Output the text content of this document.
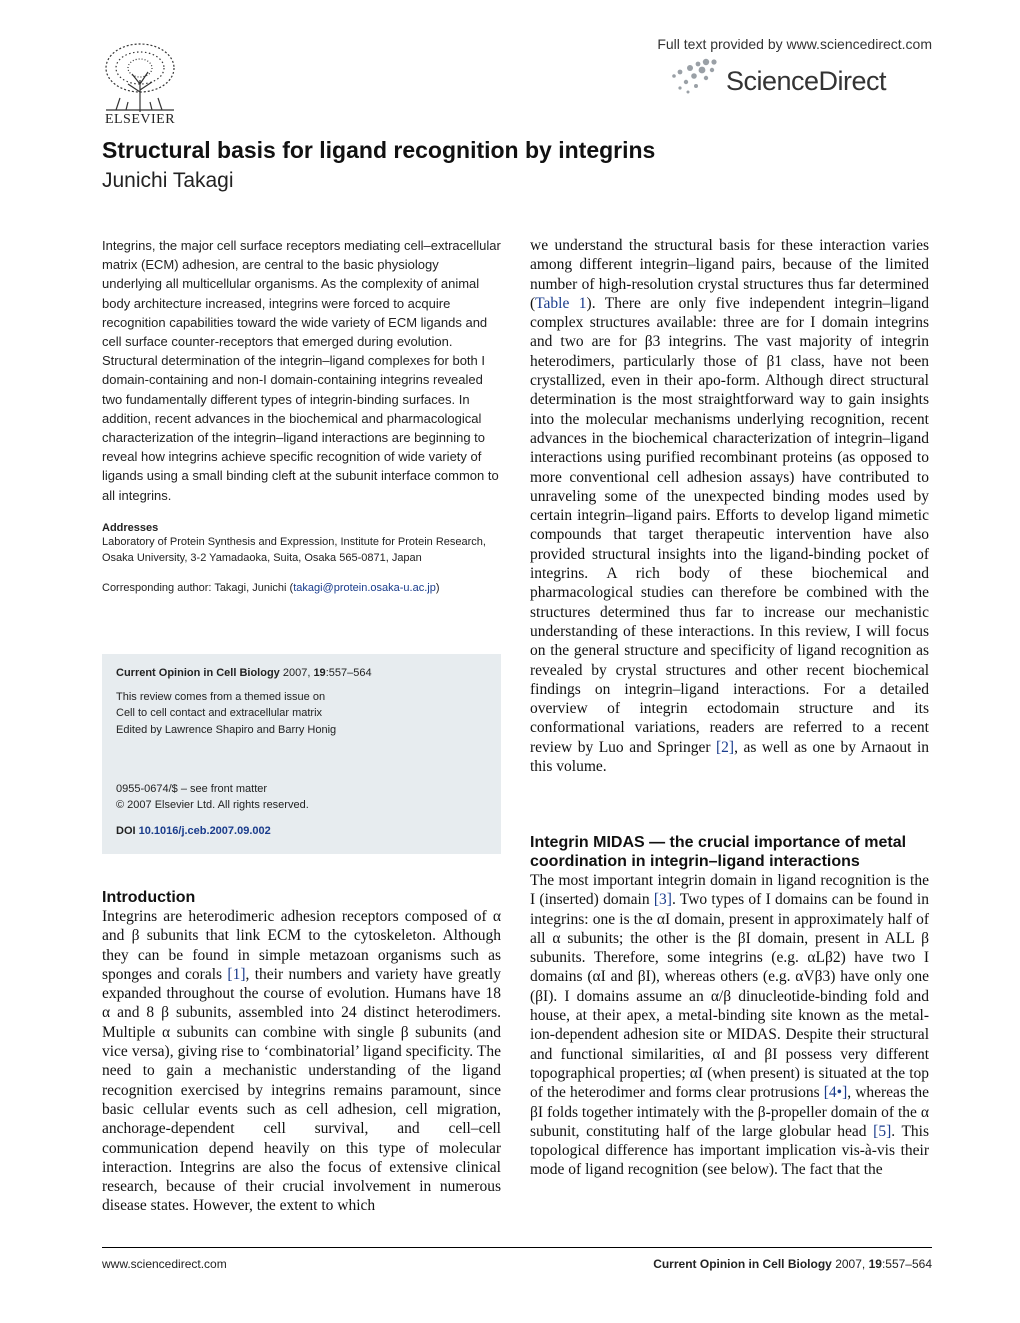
ELSEVIER
Full text provided by www.sciencedirect.com
ScienceDirect
Structural basis for ligand recognition by integrins
Junichi Takagi

Integrins, the major cell surface receptors mediating cell–extracellular matrix (ECM) adhesion, are central to the basic physiology underlying all multicellular organisms. As the complexity of animal body architecture increased, integrins were forced to acquire recognition capabilities toward the wide variety of ECM ligands and cell surface counter-receptors that emerged during evolution. Structural determination of the integrin–ligand complexes for both I domain-containing and non-I domain-containing integrins revealed two fundamentally different types of integrin-binding surfaces. In addition, recent advances in the biochemical and pharmacological characterization of the integrin–ligand interactions are beginning to reveal how integrins achieve specific recognition of wide variety of ligands using a small binding cleft at the subunit interface common to all integrins.

Addresses

Laboratory of Protein Synthesis and Expression, Institute for Protein Research, Osaka University, 3-2 Yamadaoka, Suita, Osaka 565-0871, Japan

Corresponding author: Takagi, Junichi (takagi@protein.osaka-u.ac.jp)

Current Opinion in Cell Biology 2007, 19:557–564

This review comes from a themed issue on

Cell to cell contact and extracellular matrix

Edited by Lawrence Shapiro and Barry Honig

0955-0674/$ – see front matter

© 2007 Elsevier Ltd. All rights reserved.

DOI 10.1016/j.ceb.2007.09.002

Introduction

Integrins are heterodimeric adhesion receptors composed of α and β subunits that link ECM to the cytoskeleton. Although they can be found in simple metazoan organisms such as sponges and corals [1], their numbers and variety have greatly expanded throughout the course of evolution. Humans have 18 α and 8 β subunits, assembled into 24 distinct heterodimers. Multiple α subunits can combine with single β subunits (and vice versa), giving rise to ‘combinatorial’ ligand specificity. The need to gain a mechanistic understanding of the ligand recognition exercised by integrins remains paramount, since basic cellular events such as cell adhesion, cell migration, anchorage-dependent cell survival, and cell–cell communication depend heavily on this type of molecular interaction. Integrins are also the focus of extensive clinical research, because of their crucial involvement in numerous disease states. However, the extent to which

we understand the structural basis for these interaction varies among different integrin–ligand pairs, because of the limited number of high-resolution crystal structures thus far determined (Table 1). There are only five independent integrin–ligand complex structures available: three are for I domain integrins and two are for β3 integrins. The vast majority of integrin heterodimers, particularly those of β1 class, have not been crystallized, even in their apo-form. Although direct structural determination is the most straightforward way to gain insights into the molecular mechanisms underlying recognition, recent advances in the biochemical characterization of integrin–ligand interactions using purified recombinant proteins (as opposed to more conventional cell adhesion assays) have contributed to unraveling some of the unexpected binding modes used by certain integrin–ligand pairs. Efforts to develop ligand mimetic compounds that target therapeutic intervention have also provided structural insights into the ligand-binding pocket of integrins. A rich body of these biochemical and pharmacological studies can therefore be combined with the structures determined thus far to increase our mechanistic understanding of these interactions. In this review, I will focus on the general structure and specificity of ligand recognition as revealed by crystal structures and other recent biochemical findings on integrin–ligand interactions. For a detailed overview of integrin ectodomain structure and its conformational variations, readers are referred to a recent review by Luo and Springer [2], as well as one by Arnaout in this volume.

Integrin MIDAS — the crucial importance of metal coordination in integrin–ligand interactions

The most important integrin domain in ligand recognition is the I (inserted) domain [3]. Two types of I domains can be found in integrins: one is the αI domain, present in approximately half of all α subunits; the other is the βI domain, present in ALL β subunits. Therefore, some integrins (e.g. αLβ2) have two I domains (αI and βI), whereas others (e.g. αVβ3) have only one (βI). I domains assume an α/β dinucleotide-binding fold and house, at their apex, a metal-binding site known as the metal-ion-dependent adhesion site or MIDAS. Despite their structural and functional similarities, αI and βI possess very different topographical properties; αI (when present) is situated at the top of the heterodimer and forms clear protrusions [4•], whereas the βI folds together intimately with the β-propeller domain of the α subunit, constituting half of the large globular head [5]. This topological difference has important implication vis-à-vis their mode of ligand recognition (see below). The fact that the

www.sciencedirect.com	Current Opinion in Cell Biology 2007, 19:557–564
